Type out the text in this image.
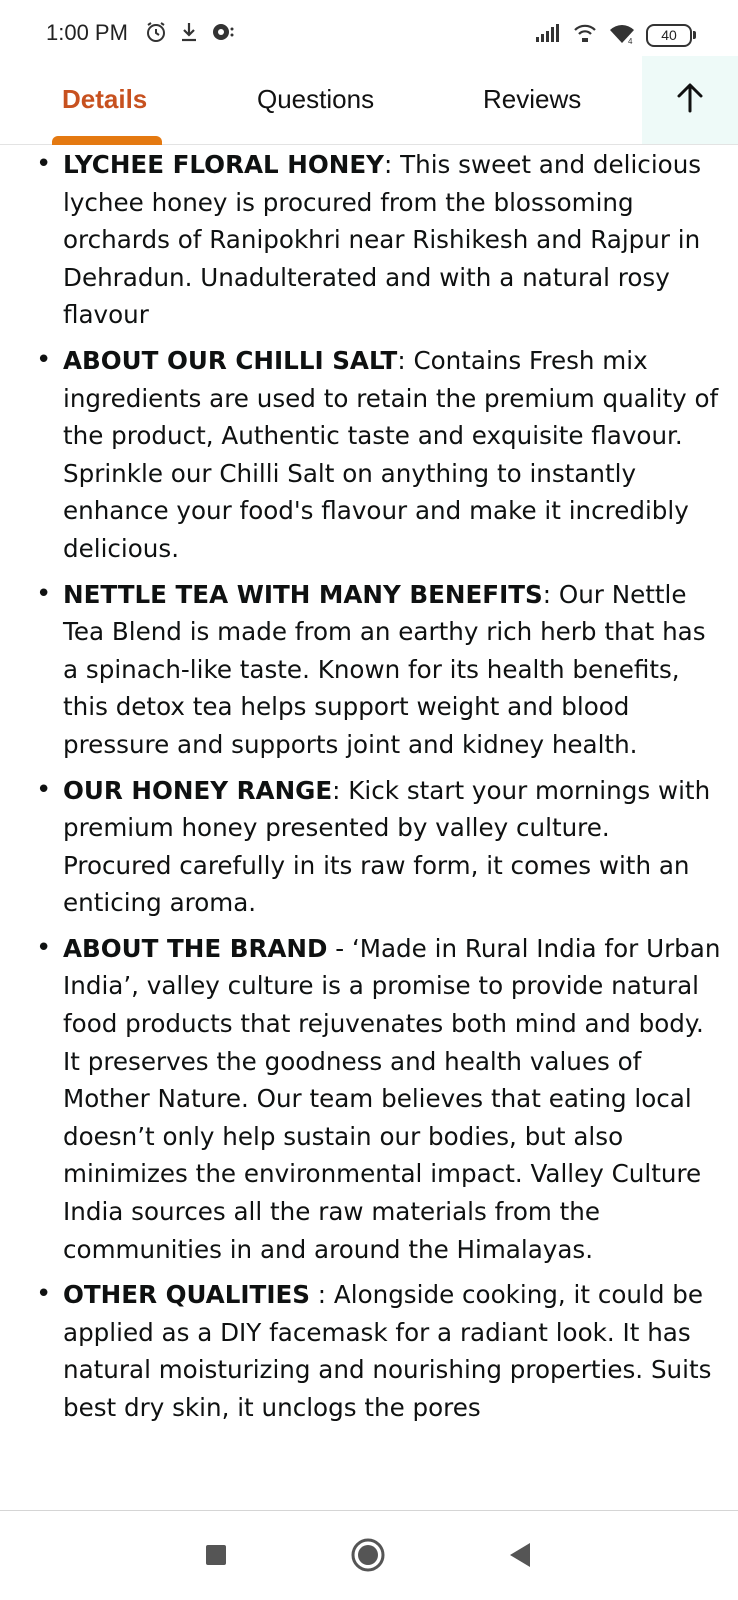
1:00 PM	4	40
Details	Questions	Reviews
• LYCHEE FLORAL HONEY: This sweet and delicious lychee honey is procured from the blossoming orchards of Ranipokhri near Rishikesh and Rajpur in Dehradun. Unadulterated and with a natural rosy flavour
• ABOUT OUR CHILLI SALT: Contains Fresh mix ingredients are used to retain the premium quality of the product, Authentic taste and exquisite flavour. Sprinkle our Chilli Salt on anything to instantly enhance your food's flavour and make it incredibly delicious.
• NETTLE TEA WITH MANY BENEFITS: Our Nettle Tea Blend is made from an earthy rich herb that has a spinach-like taste. Known for its health benefits, this detox tea helps support weight and blood pressure and supports joint and kidney health.
• OUR HONEY RANGE: Kick start your mornings with premium honey presented by valley culture. Procured carefully in its raw form, it comes with an enticing aroma.
• ABOUT THE BRAND - ‘Made in Rural India for Urban India’, valley culture is a promise to provide natural food products that rejuvenates both mind and body. It preserves the goodness and health values of Mother Nature. Our team believes that eating local doesn’t only help sustain our bodies, but also minimizes the environmental impact. Valley Culture India sources all the raw materials from the communities in and around the Himalayas.
• OTHER QUALITIES : Alongside cooking, it could be applied as a DIY facemask for a radiant look. It has natural moisturizing and nourishing properties. Suits best dry skin, it unclogs the pores
